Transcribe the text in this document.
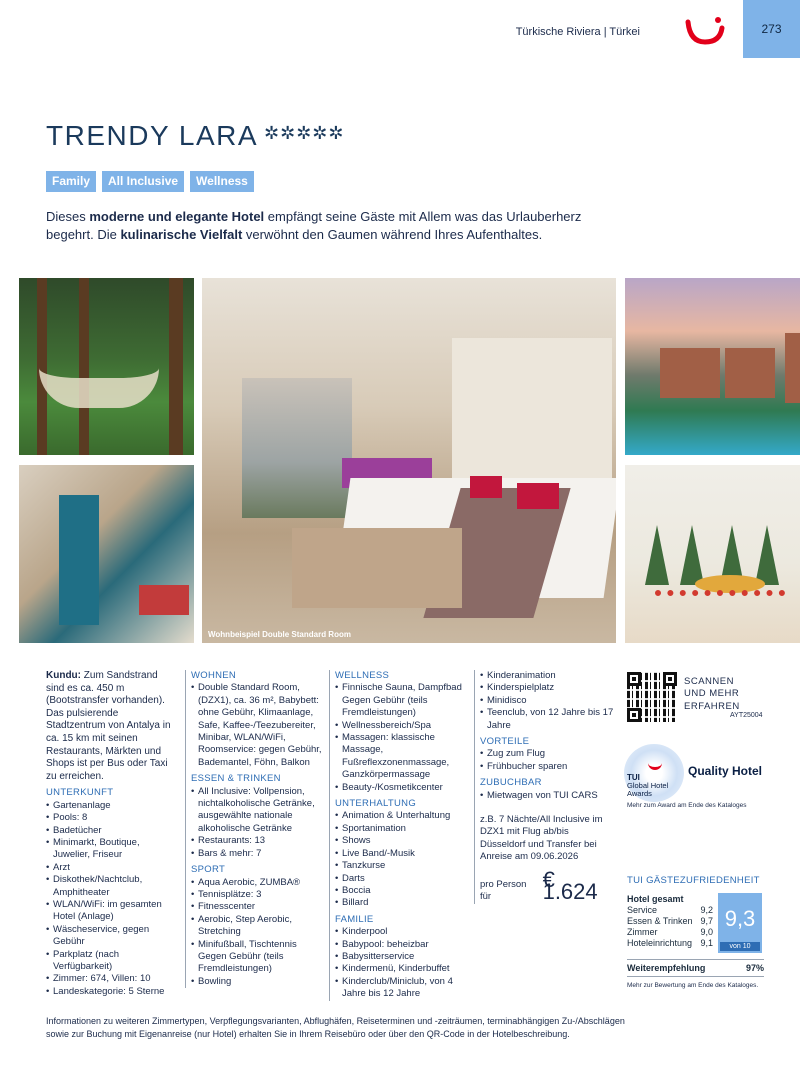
Türkische Riviera | Türkei	273
TRENDY LARA ✲✲✲✲✲
Family	All Inclusive	Wellness

Dieses moderne und elegante Hotel empfängt seine Gäste mit Allem was das Urlauberherz begehrt. Die kulinarische Vielfalt verwöhnt den Gaumen während Ihres Aufenthaltes.

Wohnbeispiel Double Standard Room

Kundu: Zum Sandstrand sind es ca. 450 m (Bootstransfer vorhanden). Das pulsierende Stadtzentrum von Antalya in ca. 15 km mit seinen Restaurants, Märkten und Shops ist per Bus oder Taxi zu erreichen.

UNTERKUNFT
• Gartenanlage
• Pools: 8
• Badetücher
• Minimarkt, Boutique, Juwelier, Friseur
• Arzt
• Diskothek/Nachtclub, Amphitheater
• WLAN/WiFi: im gesamten Hotel (Anlage)
• Wäscheservice, gegen Gebühr
• Parkplatz (nach Verfügbarkeit)
• Zimmer: 674, Villen: 10
• Landeskategorie: 5 Sterne
WOHNEN
• Double Standard Room, (DZX1), ca. 36 m², Babybett: ohne Gebühr, Klimaanlage, Safe, Kaffee-/Teezubereiter, Minibar, WLAN/WiFi, Roomservice: gegen Gebühr, Bademantel, Föhn, Balkon
ESSEN & TRINKEN
• All Inclusive: Vollpension, nichtalkoholische Getränke, ausgewählte nationale alkoholische Getränke
• Restaurants: 13
• Bars & mehr: 7
SPORT
• Aqua Aerobic, ZUMBA®
• Tennisplätze: 3
• Fitnesscenter
• Aerobic, Step Aerobic, Stretching
• Minifußball, Tischtennis Gegen Gebühr (teils Fremdleistungen)
• Bowling
WELLNESS
• Finnische Sauna, Dampfbad Gegen Gebühr (teils Fremdleistungen)
• Wellnessbereich/Spa
• Massagen: klassische Massage, Fußreflexzonenmassage, Ganzkörpermassage
• Beauty-/Kosmetikcenter
UNTERHALTUNG
• Animation & Unterhaltung
• Sportanimation
• Shows
• Live Band/-Musik
• Tanzkurse
• Darts
• Boccia
• Billard
FAMILIE
• Kinderpool
• Babypool: beheizbar
• Babysitterservice
• Kindermenü, Kinderbuffet
• Kinderclub/Miniclub, von 4 Jahre bis 12 Jahre
• Kinderanimation
• Kinderspielplatz
• Minidisco
• Teenclub, von 12 Jahre bis 17 Jahre
VORTEILE
• Zug zum Flug
• Frühbucher sparen
ZUBUCHBAR
• Mietwagen von TUI CARS

z.B. 7 Nächte/All Inclusive im DZX1 mit Flug ab/bis Düsseldorf und Transfer bei Anreise am 09.06.2026

pro Person für
€ 1.624
SCANNEN
UND MEHR
ERFAHREN
AYT25004
TUI
Global Hotel
Awards
Quality Hotel
Mehr zum Award am Ende des Kataloges
TUI GÄSTEZUFRIEDENHEIT
Hotel gesamt
Service	9,2
Essen & Trinken 9,7
Zimmer	9,0
Hoteleinrichtung 9,1
9,3
von 10
Weiterempfehlung	97%
Mehr zur Bewertung am Ende des Kataloges.

Informationen zu weiteren Zimmertypen, Verpflegungsvarianten, Abflughäfen, Reiseterminen und -zeiträumen, terminabhängigen Zu-/Abschlägen sowie zur Buchung mit Eigenanreise (nur Hotel) erhalten Sie in Ihrem Reisebüro oder über den QR-Code in der Hotelbeschreibung.
